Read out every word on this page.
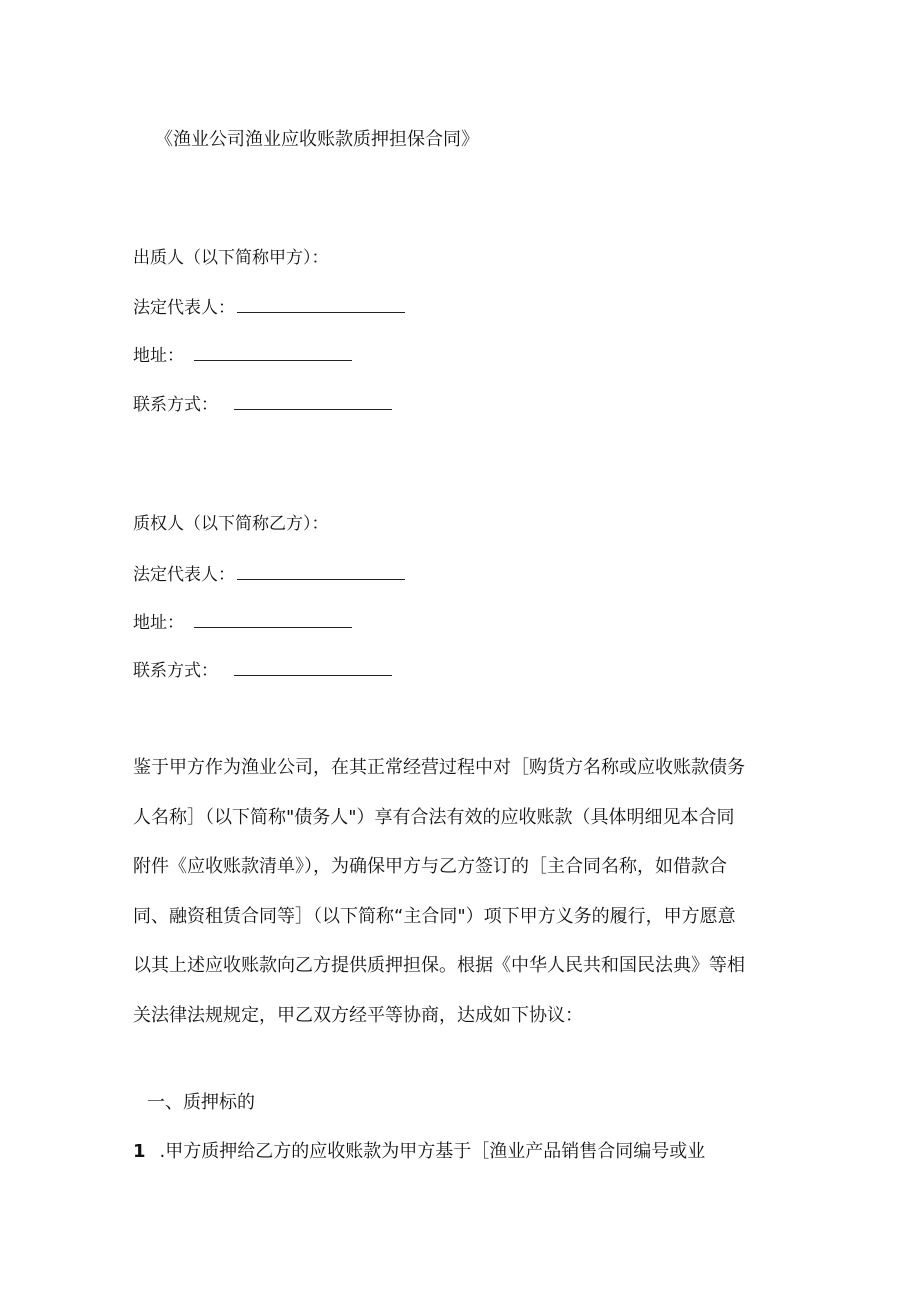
《渔业公司渔业应收账款质押担保合同》
出质人（以下简称甲方）：
法定代表人：
地址：
联系方式：
质权人（以下简称乙方）：
法定代表人：
地址：
联系方式：
鉴于甲方作为渔业公司，在其正常经营过程中对［购货方名称或应收账款债务
人名称］（以下简称"债务人"）享有合法有效的应收账款（具体明细见本合同
附件《应收账款清单》），为确保甲方与乙方签订的［主合同名称，如借款合
同、融资租赁合同等］（以下简称“主合同"）项下甲方义务的履行，甲方愿意
以其上述应收账款向乙方提供质押担保。根据《中华人民共和国民法典》等相
关法律法规规定，甲乙双方经平等协商，达成如下协议：
一、质押标的
1 .甲方质押给乙方的应收账款为甲方基于［渔业产品销售合同编号或业
